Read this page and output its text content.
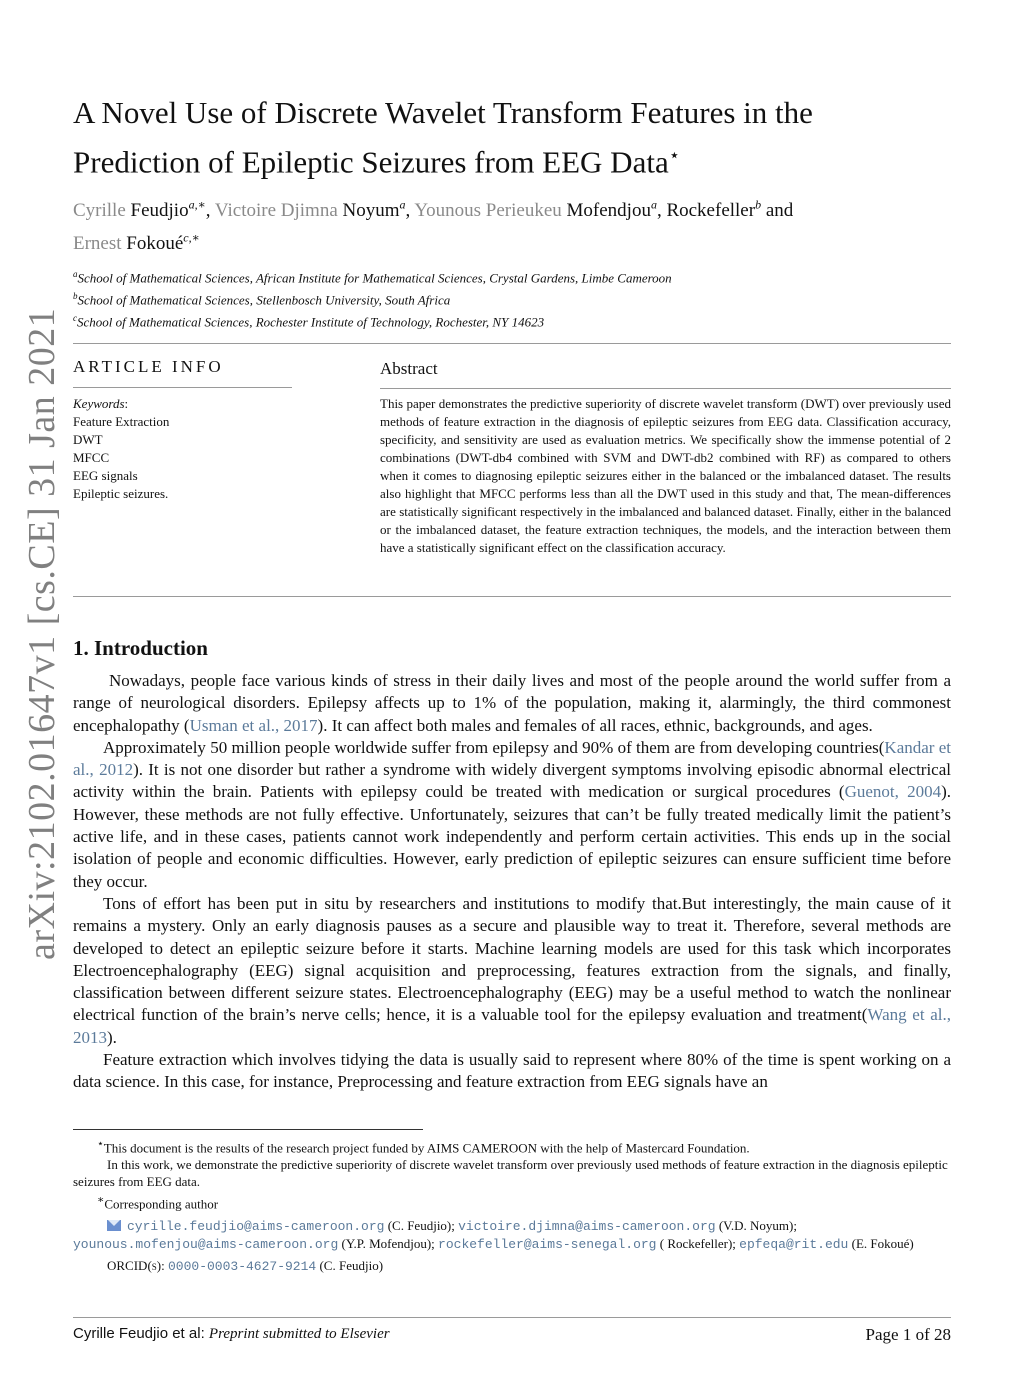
arXiv:2102.01647v1 [cs.CE] 31 Jan 2021
A Novel Use of Discrete Wavelet Transform Features in the
Prediction of Epileptic Seizures from EEG Data⋆
Cyrille Feudjio$^{a,∗}$, Victoire Djimna Noyum$^a$, Younous Perieukeu Mofendjou$^a$, Rockefeller$^b$ and
Ernest Fokoué$^{c,∗}$
$^a$School of Mathematical Sciences, African Institute for Mathematical Sciences, Crystal Gardens, Limbe Cameroon
$^b$School of Mathematical Sciences, Stellenbosch University, South Africa
$^c$School of Mathematical Sciences, Rochester Institute of Technology, Rochester, NY 14623
ARTICLE INFO	Abstract
Keywords:
Feature Extraction
DWT
MFCC
EEG signals
Epileptic seizures.
This paper demonstrates the predictive superiority of discrete wavelet transform (DWT) over previously used methods of feature extraction in the diagnosis of epileptic seizures from EEG data. Classification accuracy, specificity, and sensitivity are used as evaluation metrics. We specifically show the immense potential of 2 combinations (DWT-db4 combined with SVM and DWT-db2 combined with RF) as compared to others when it comes to diagnosing epileptic seizures either in the balanced or the imbalanced dataset. The results also highlight that MFCC performs less than all the DWT used in this study and that, The mean-differences are statistically significant respectively in the imbalanced and balanced dataset. Finally, either in the balanced or the imbalanced dataset, the feature extraction techniques, the models, and the interaction between them have a statistically significant effect on the classification accuracy.
1. Introduction

Nowadays, people face various kinds of stress in their daily lives and most of the people around the world suffer from a range of neurological disorders. Epilepsy affects up to 1% of the population, making it, alarmingly, the third commonest encephalopathy (Usman et al., 2017). It can affect both males and females of all races, ethnic, backgrounds, and ages.

Approximately 50 million people worldwide suffer from epilepsy and 90% of them are from developing countries(Kandar et al., 2012). It is not one disorder but rather a syndrome with widely divergent symptoms involving episodic abnormal electrical activity within the brain. Patients with epilepsy could be treated with medication or surgical procedures (Guenot, 2004). However, these methods are not fully effective. Unfortunately, seizures that can’t be fully treated medically limit the patient’s active life, and in these cases, patients cannot work independently and perform certain activities. This ends up in the social isolation of people and economic difficulties. However, early prediction of epileptic seizures can ensure sufficient time before they occur.

Tons of effort has been put in situ by researchers and institutions to modify that.But interestingly, the main cause of it remains a mystery. Only an early diagnosis pauses as a secure and plausible way to treat it. Therefore, several methods are developed to detect an epileptic seizure before it starts. Machine learning models are used for this task which incorporates Electroencephalography (EEG) signal acquisition and preprocessing, features extraction from the signals, and finally, classification between different seizure states. Electroencephalography (EEG) may be a useful method to watch the nonlinear electrical function of the brain’s nerve cells; hence, it is a valuable tool for the epilepsy evaluation and treatment(Wang et al., 2013).

Feature extraction which involves tidying the data is usually said to represent where 80% of the time is spent working on a data science. In this case, for instance, Preprocessing and feature extraction from EEG signals have an

⋆This document is the results of the research project funded by AIMS CAMEROON with the help of Mastercard Foundation.
In this work, we demonstrate the predictive superiority of discrete wavelet transform over previously used methods of feature extraction in the diagnosis epileptic seizures from EEG data.
∗Corresponding author
cyrille.feudjio@aims-cameroon.org (C. Feudjio); victoire.djimna@aims-cameroon.org (V.D. Noyum); younous.mofenjou@aims-cameroon.org (Y.P. Mofendjou); rockefeller@aims-senegal.org ( Rockefeller); epfeqa@rit.edu (E. Fokoué)
ORCID(s): 0000-0003-4627-9214 (C. Feudjio)
Cyrille Feudjio et al: Preprint submitted to Elsevier	Page 1 of 28
